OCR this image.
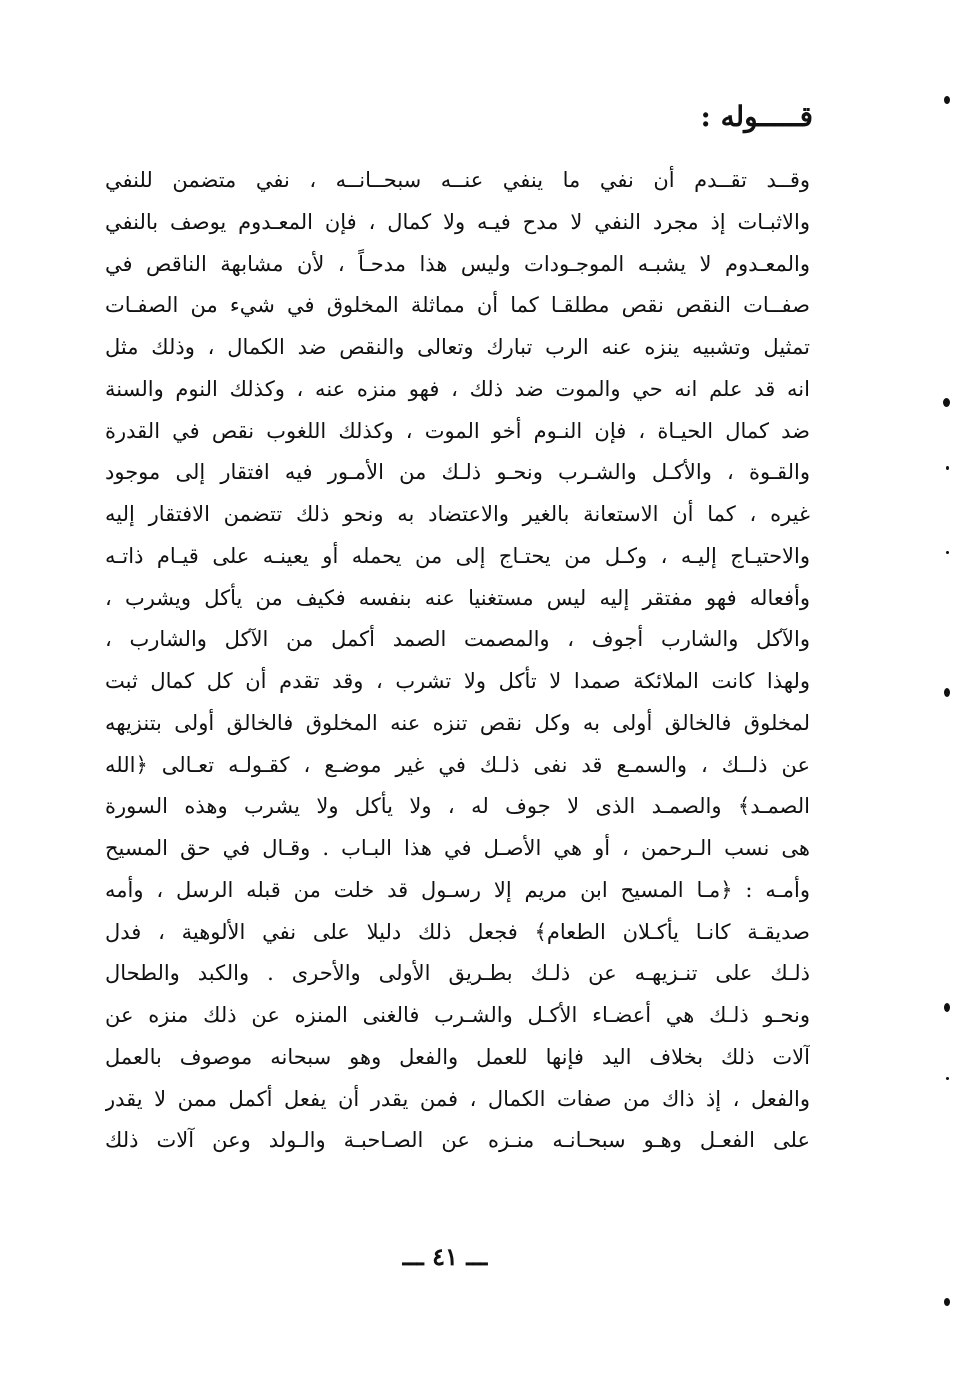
قـــــوله :
وقــد تقــدم أن نفي ما ينفي عنــه سبحــانــه ، نفي متضمن للنفي
والاثبـات إذ مجرد النفي لا مدح فيـه ولا كمال ، فإن المعـدوم يوصف بالنفي
والمعـدوم لا يشبـه الموجـودات وليس هذا مدحـاً ، لأن مشابهة الناقص في
صفــات النقص نقص مطلقـا كما أن مماثلة المخلوق في شيء من الصفـات
تمثيل وتشبيه ينزه عنه الرب تبارك وتعالى والنقص ضد الكمال ، وذلك مثل
انه قد علم انه حي والموت ضد ذلك ، فهو منزه عنه ، وكذلك النوم والسنة
ضد كمال الحيـاة ، فإن النـوم أخو الموت ، وكذلك اللغوب نقص في القدرة
والقـوة ، والأكـل والشـرب ونحـو ذلـك من الأمـور فيه افتقار إلى موجود
غيره ، كما أن الاستعانة بالغير والاعتضاد به ونحو ذلك تتضمن الافتقار إليه
والاحتيـاج إليـه ، وكـل من يحتـاج إلى من يحمله أو يعينـه على قيـام ذاتـه
وأفعاله فهو مفتقر إليه ليس مستغنيا عنه بنفسه فكيف من يأكل ويشرب ،
والآكل والشارب أجوف ، والمصمت الصمد أكمل من الآكل والشارب ،
ولهذا كانت الملائكة صمدا لا تأكل ولا تشرب ، وقد تقدم أن كل كمال ثبت
لمخلوق فالخالق أولى به وكل نقص تنزه عنه المخلوق فالخالق أولى بتنزيهه
عن ذلــك ، والسمـع قد نفى ذلـك في غير موضـع ، كقـولـه تعـالى ﴿الله
الصمـد﴾ والصمـد الذى لا جوف له ، ولا يأكل ولا يشرب وهذه السورة
هى نسب الـرحمن ، أو هي الأصـل في هذا البـاب . وقـال في حق المسيح
وأمـه : ﴿مـا المسيح ابن مريم إلا رسـول قد خلت من قبله الرسل ، وأمه
صديقـة كانـا يأكـلان الطعام﴾ فجعل ذلك دليلا على نفي الألوهية ، فدل
ذلـك على تنـزيهـه عن ذلـك بطـريق الأولى والأحرى . والكبد والطحال
ونحـو ذلـك هي أعضـاء الأكـل والشـرب فالغنى المنزه عن ذلك منزه عن
آلات ذلك بخلاف اليد فإنها للعمل والفعل وهو سبحانه موصوف بالعمل
والفعل ، إذ ذاك من صفات الكمال ، فمن يقدر أن يفعل أكمل ممن لا يقدر
على الفعـل وهـو سبحـانـه منـزه عن الصـاحبـة والـولد وعن آلات ذلك
ـــ ٤١ ـــ
